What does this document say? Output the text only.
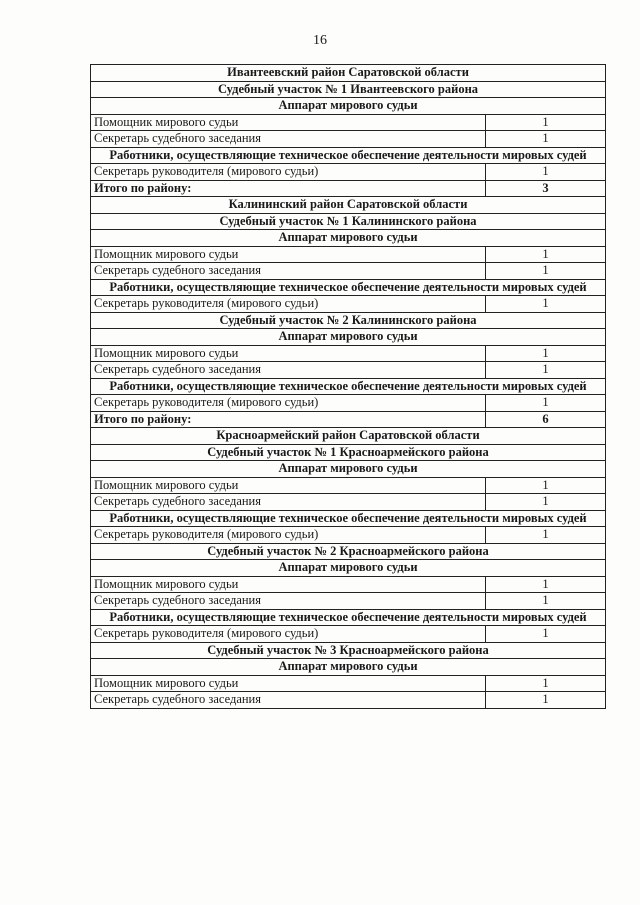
16
Ивантеевский район Саратовской области	
Судебный участок № 1 Ивантеевского района	
Аппарат мирового судьи	
Помощник мирового судьи	1
Секретарь судебного заседания	1
Работники, осуществляющие техническое обеспечение деятельности мировых судей	
Секретарь руководителя (мирового судьи)	1
Итого по району:	3
Калининский район Саратовской области	
Судебный участок № 1 Калининского района	
Аппарат мирового судьи	
Помощник мирового судьи	1
Секретарь судебного заседания	1
Работники, осуществляющие техническое обеспечение деятельности мировых судей	
Секретарь руководителя (мирового судьи)	1
Судебный участок № 2 Калининского района	
Аппарат мирового судьи	
Помощник мирового судьи	1
Секретарь судебного заседания	1
Работники, осуществляющие техническое обеспечение деятельности мировых судей	
Секретарь руководителя (мирового судьи)	1
Итого по району:	6
Красноармейский район Саратовской области	
Судебный участок № 1 Красноармейского района	
Аппарат мирового судьи	
Помощник мирового судьи	1
Секретарь судебного заседания	1
Работники, осуществляющие техническое обеспечение деятельности мировых судей	
Секретарь руководителя (мирового судьи)	1
Судебный участок № 2 Красноармейского района	
Аппарат мирового судьи	
Помощник мирового судьи	1
Секретарь судебного заседания	1
Работники, осуществляющие техническое обеспечение деятельности мировых судей	
Секретарь руководителя (мирового судьи)	1
Судебный участок № 3 Красноармейского района	
Аппарат мирового судьи	
Помощник мирового судьи	1
Секретарь судебного заседания	1
